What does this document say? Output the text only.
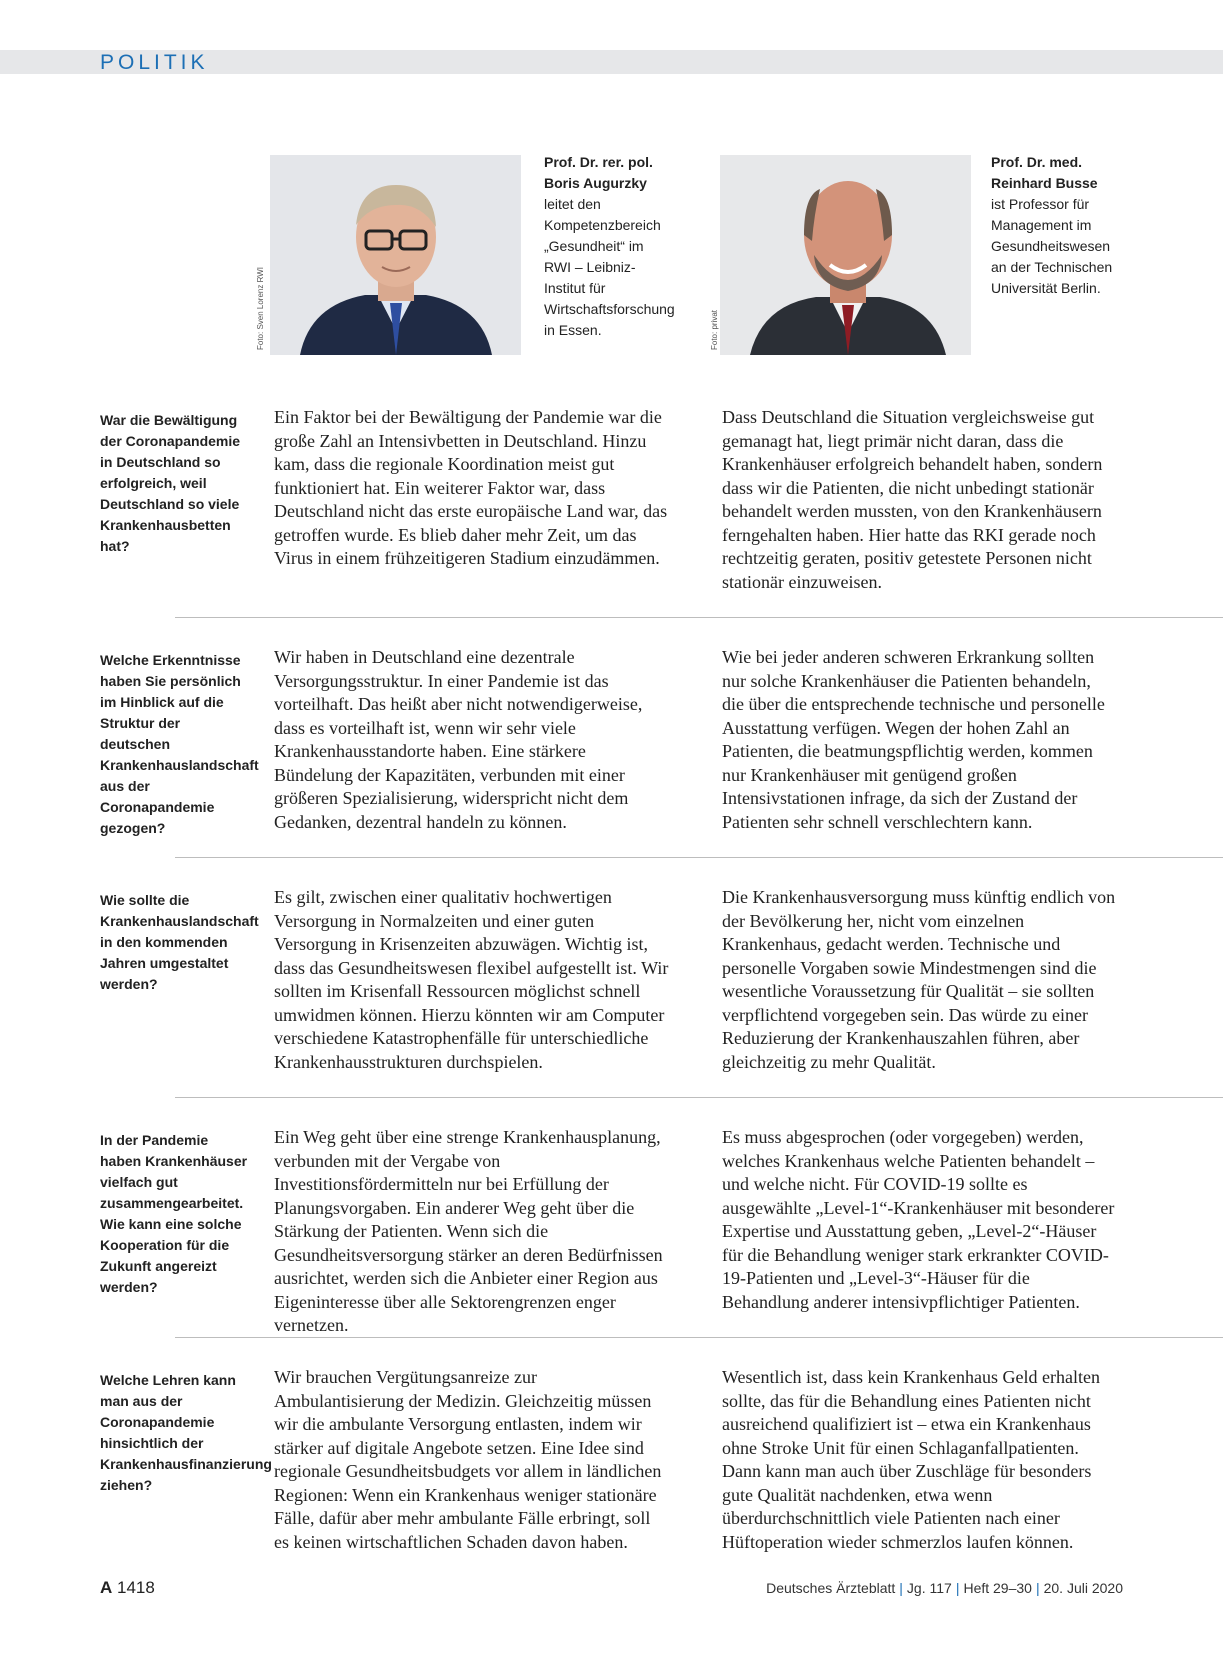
POLITIK
Foto: Sven Lorenz RWI
Prof. Dr. rer. pol.
Boris Augurzky
leitet den Kompetenzbereich „Gesundheit“ im RWI – Leibniz-Institut für Wirtschaftsforschung in Essen.	Foto: privat
Prof. Dr. med.
Reinhard Busse
ist Professor für Management im Gesundheitswesen an der Technischen Universität Berlin.
War die Bewältigung der Coronapandemie in Deutschland so erfolgreich, weil Deutschland so viele Krankenhausbetten hat?
Ein Faktor bei der Bewältigung der Pandemie war die große Zahl an Intensivbetten in Deutschland. Hinzu kam, dass die regionale Koordination meist gut funktioniert hat. Ein weiterer Faktor war, dass Deutschland nicht das erste europäische Land war, das getroffen wurde. Es blieb daher mehr Zeit, um das Virus in einem frühzeitigeren Stadium einzudämmen.
Dass Deutschland die Situation vergleichsweise gut gemanagt hat, liegt primär nicht daran, dass die Krankenhäuser erfolgreich behandelt haben, sondern dass wir die Patienten, die nicht unbedingt stationär behandelt werden mussten, von den Krankenhäusern ferngehalten haben. Hier hatte das RKI gerade noch rechtzeitig geraten, positiv getestete Personen nicht stationär einzuweisen.
Welche Erkenntnisse haben Sie persönlich im Hinblick auf die Struktur der deutschen Krankenhauslandschaft aus der Coronapandemie gezogen?
Wir haben in Deutschland eine dezentrale Versorgungsstruktur. In einer Pandemie ist das vorteilhaft. Das heißt aber nicht notwendigerweise, dass es vorteilhaft ist, wenn wir sehr viele Krankenhausstandorte haben. Eine stärkere Bündelung der Kapazitäten, verbunden mit einer größeren Spezialisierung, widerspricht nicht dem Gedanken, dezentral handeln zu können.
Wie bei jeder anderen schweren Erkrankung sollten nur solche Krankenhäuser die Patienten behandeln, die über die entsprechende technische und personelle Ausstattung verfügen. Wegen der hohen Zahl an Patienten, die beatmungspflichtig werden, kommen nur Krankenhäuser mit genügend großen Intensivstationen infrage, da sich der Zustand der Patienten sehr schnell verschlechtern kann.
Wie sollte die Krankenhauslandschaft in den kommenden Jahren umgestaltet werden?
Es gilt, zwischen einer qualitativ hochwertigen Versorgung in Normalzeiten und einer guten Versorgung in Krisenzeiten abzuwägen. Wichtig ist, dass das Gesundheitswesen flexibel aufgestellt ist. Wir sollten im Krisenfall Ressourcen möglichst schnell umwidmen können. Hierzu könnten wir am Computer verschiedene Katastrophenfälle für unterschiedliche Krankenhausstrukturen durchspielen.
Die Krankenhausversorgung muss künftig endlich von der Bevölkerung her, nicht vom einzelnen Krankenhaus, gedacht werden. Technische und personelle Vorgaben sowie Mindestmengen sind die wesentliche Voraussetzung für Qualität – sie sollten verpflichtend vorgegeben sein. Das würde zu einer Reduzierung der Krankenhauszahlen führen, aber gleichzeitig zu mehr Qualität.
In der Pandemie haben Krankenhäuser vielfach gut zusammengearbeitet. Wie kann eine solche Kooperation für die Zukunft angereizt werden?
Ein Weg geht über eine strenge Krankenhausplanung, verbunden mit der Vergabe von Investitionsfördermitteln nur bei Erfüllung der Planungsvorgaben. Ein anderer Weg geht über die Stärkung der Patienten. Wenn sich die Gesundheitsversorgung stärker an deren Bedürfnissen ausrichtet, werden sich die Anbieter einer Region aus Eigeninteresse über alle Sektorengrenzen enger vernetzen.
Es muss abgesprochen (oder vorgegeben) werden, welches Krankenhaus welche Patienten behandelt – und welche nicht. Für COVID-19 sollte es ausgewählte „Level-1“-Krankenhäuser mit besonderer Expertise und Ausstattung geben, „Level-2“-Häuser für die Behandlung weniger stark erkrankter COVID-19-Patienten und „Level-3“-Häuser für die Behandlung anderer intensivpflichtiger Patienten.
Welche Lehren kann man aus der Coronapandemie hinsichtlich der Krankenhausfinanzierung ziehen?
Wir brauchen Vergütungsanreize zur Ambulantisierung der Medizin. Gleichzeitig müssen wir die ambulante Versorgung entlasten, indem wir stärker auf digitale Angebote setzen. Eine Idee sind regionale Gesundheitsbudgets vor allem in ländlichen Regionen: Wenn ein Krankenhaus weniger stationäre Fälle, dafür aber mehr ambulante Fälle erbringt, soll es keinen wirtschaftlichen Schaden davon haben.
Wesentlich ist, dass kein Krankenhaus Geld erhalten sollte, das für die Behandlung eines Patienten nicht ausreichend qualifiziert ist – etwa ein Krankenhaus ohne Stroke Unit für einen Schlaganfallpatienten. Dann kann man auch über Zuschläge für besonders gute Qualität nachdenken, etwa wenn überdurchschnittlich viele Patienten nach einer Hüftoperation wieder schmerzlos laufen können.
A 1418	Deutsches Ärzteblatt | Jg. 117 | Heft 29–30 | 20. Juli 2020
